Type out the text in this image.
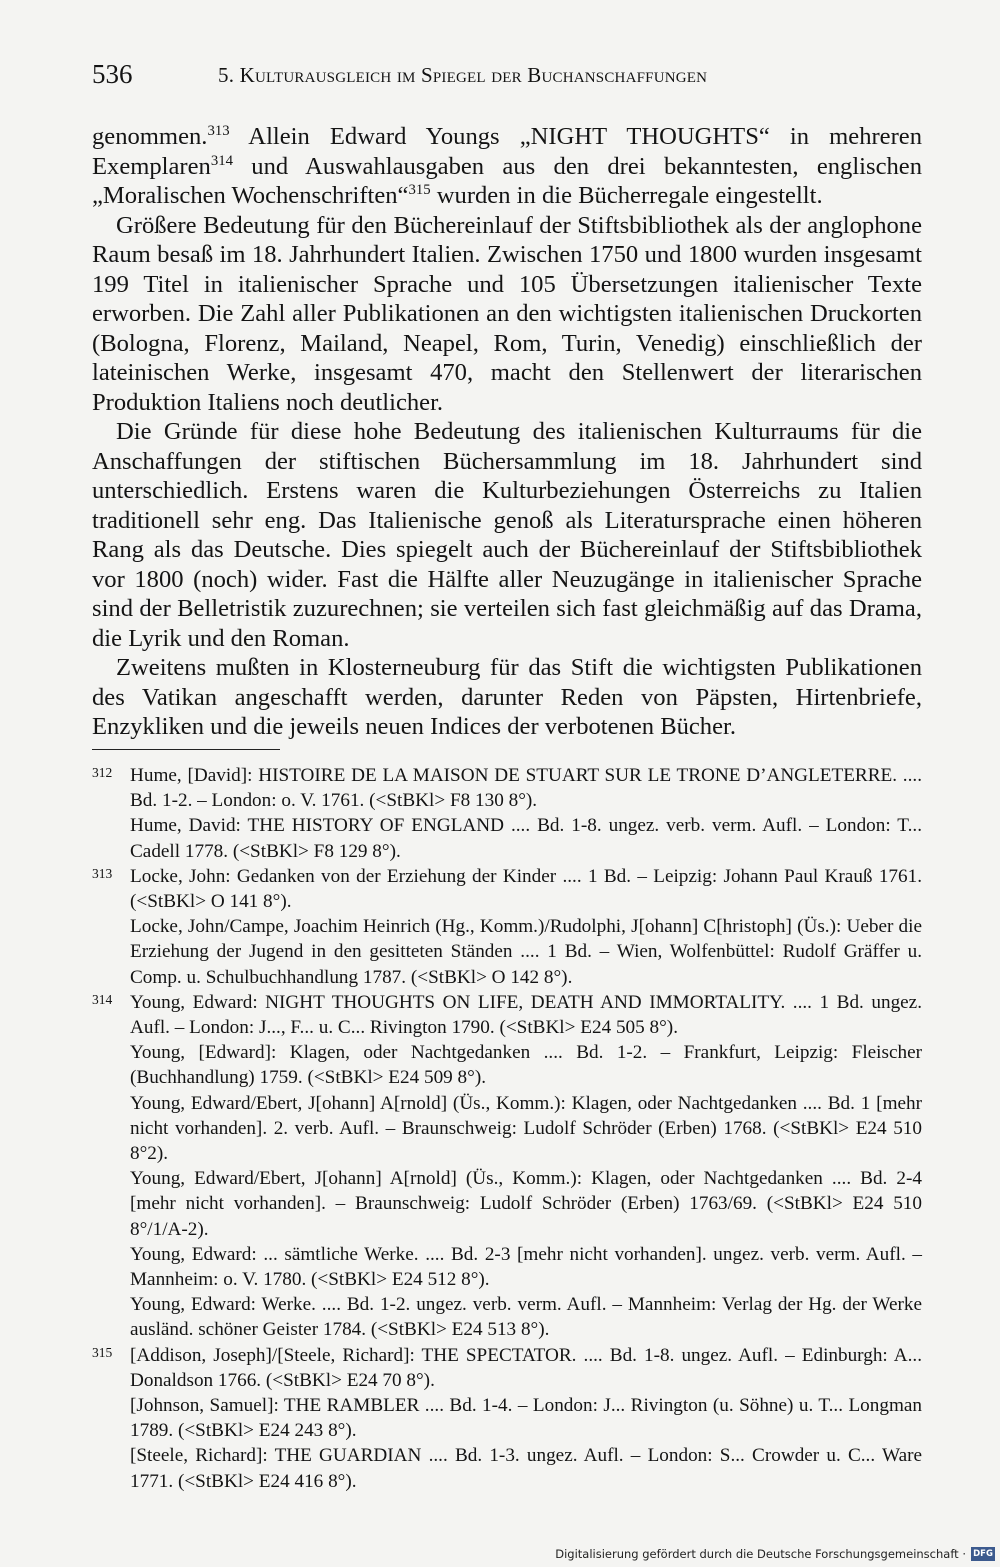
536	5. Kulturausgleich im Spiegel der Buchanschaffungen

genommen.$^{313}$ Allein Edward Youngs „NIGHT THOUGHTS“ in mehreren Exemplaren$^{314}$ und Auswahlausgaben aus den drei bekanntesten, englischen „Moralischen Wochenschriften“$^{315}$ wurden in die Bücherregale eingestellt.

Größere Bedeutung für den Büchereinlauf der Stiftsbibliothek als der anglophone Raum besaß im 18. Jahrhundert Italien. Zwischen 1750 und 1800 wurden insgesamt 199 Titel in italienischer Sprache und 105 Übersetzungen italienischer Texte erworben. Die Zahl aller Publikationen an den wichtigsten italienischen Druckorten (Bologna, Florenz, Mailand, Neapel, Rom, Turin, Venedig) einschließlich der lateinischen Werke, insgesamt 470, macht den Stellenwert der literarischen Produktion Italiens noch deutlicher.

Die Gründe für diese hohe Bedeutung des italienischen Kulturraums für die Anschaffungen der stiftischen Büchersammlung im 18. Jahrhundert sind unterschiedlich. Erstens waren die Kulturbeziehungen Österreichs zu Italien traditionell sehr eng. Das Italienische genoß als Literatursprache einen höheren Rang als das Deutsche. Dies spiegelt auch der Büchereinlauf der Stiftsbibliothek vor 1800 (noch) wider. Fast die Hälfte aller Neuzugänge in italienischer Sprache sind der Belletristik zuzurechnen; sie verteilen sich fast gleichmäßig auf das Drama, die Lyrik und den Roman.

Zweitens mußten in Klosterneuburg für das Stift die wichtigsten Publikationen des Vatikan angeschafft werden, darunter Reden von Päpsten, Hirtenbriefe, Enzykliken und die jeweils neuen Indices der verbotenen Bücher.

312 Hume, [David]: HISTOIRE DE LA MAISON DE STUART SUR LE TRONE D’ANGLETERRE. .... Bd. 1-2. – London: o. V. 1761. (<StBKl> F8 130 8°).

Hume, David: THE HISTORY OF ENGLAND .... Bd. 1-8. ungez. verb. verm. Aufl. – London: T... Cadell 1778. (<StBKl> F8 129 8°).

313 Locke, John: Gedanken von der Erziehung der Kinder .... 1 Bd. – Leipzig: Johann Paul Krauß 1761. (<StBKl> O 141 8°).

Locke, John/Campe, Joachim Heinrich (Hg., Komm.)/Rudolphi, J[ohann] C[hristoph] (Üs.): Ueber die Erziehung der Jugend in den gesitteten Ständen .... 1 Bd. – Wien, Wolfenbüttel: Rudolf Gräffer u. Comp. u. Schulbuchhandlung 1787. (<StBKl> O 142 8°).

314 Young, Edward: NIGHT THOUGHTS ON LIFE, DEATH AND IMMORTALITY. .... 1 Bd. ungez. Aufl. – London: J..., F... u. C... Rivington 1790. (<StBKl> E24 505 8°).

Young, [Edward]: Klagen, oder Nachtgedanken .... Bd. 1-2. – Frankfurt, Leipzig: Fleischer (Buchhandlung) 1759. (<StBKl> E24 509 8°).

Young, Edward/Ebert, J[ohann] A[rnold] (Üs., Komm.): Klagen, oder Nachtgedanken .... Bd. 1 [mehr nicht vorhanden]. 2. verb. Aufl. – Braunschweig: Ludolf Schröder (Erben) 1768. (<StBKl> E24 510 8°2).

Young, Edward/Ebert, J[ohann] A[rnold] (Üs., Komm.): Klagen, oder Nachtgedanken .... Bd. 2-4 [mehr nicht vorhanden]. – Braunschweig: Ludolf Schröder (Erben) 1763/69. (<StBKl> E24 510 8°/1/A-2).

Young, Edward: ... sämtliche Werke. .... Bd. 2-3 [mehr nicht vorhanden]. ungez. verb. verm. Aufl. – Mannheim: o. V. 1780. (<StBKl> E24 512 8°).

Young, Edward: Werke. .... Bd. 1-2. ungez. verb. verm. Aufl. – Mannheim: Verlag der Hg. der Werke ausländ. schöner Geister 1784. (<StBKl> E24 513 8°).

315 [Addison, Joseph]/[Steele, Richard]: THE SPECTATOR. .... Bd. 1-8. ungez. Aufl. – Edinburgh: A... Donaldson 1766. (<StBKl> E24 70 8°).

[Johnson, Samuel]: THE RAMBLER .... Bd. 1-4. – London: J... Rivington (u. Söhne) u. T... Longman 1789. (<StBKl> E24 243 8°).

[Steele, Richard]: THE GUARDIAN .... Bd. 1-3. ungez. Aufl. – London: S... Crowder u. C... Ware 1771. (<StBKl> E24 416 8°).

Digitalisierung gefördert durch die Deutsche Forschungsgemeinschaft · DFG
